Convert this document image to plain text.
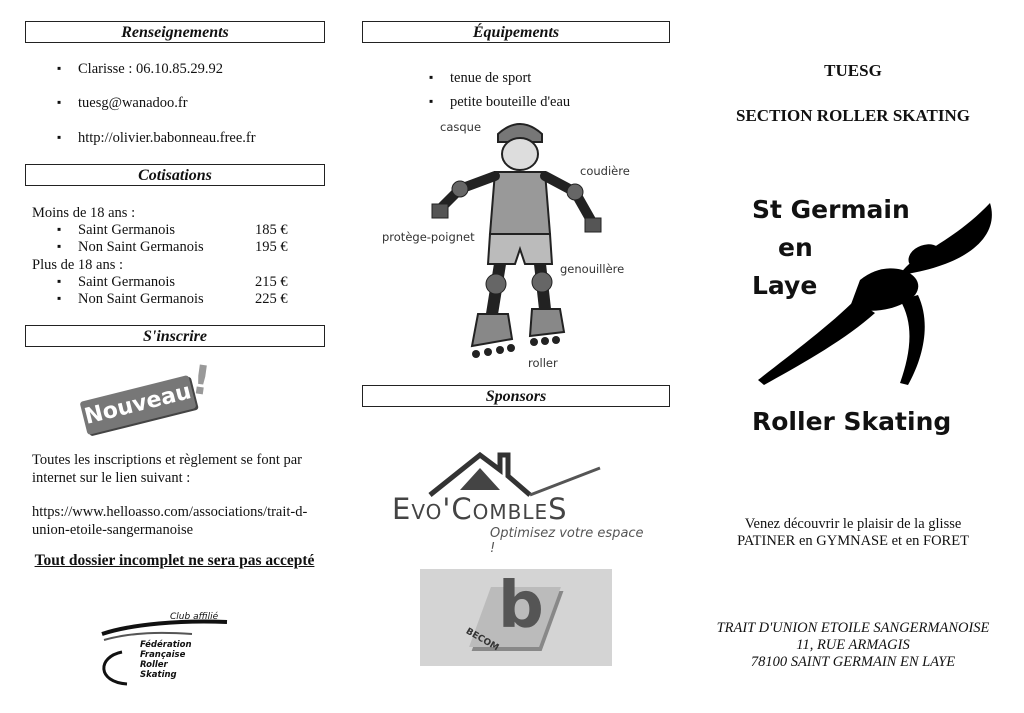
Renseignements
▪ Clarisse : 06.10.85.29.92
▪ tuesg@wanadoo.fr
▪ http://olivier.babonneau.free.fr
Cotisations
Moins de 18 ans :
▪ Saint Germanois	185 €
▪ Non Saint Germanois	195 €
Plus de 18 ans :
▪ Saint Germanois	215 €
▪ Non Saint Germanois	225 €
S'inscrire
Nouveau
!
Toutes les inscriptions et règlement se font par internet sur le lien suivant :
https://www.helloasso.com/associations/trait-d-union-etoile-sangermanoise
Tout dossier incomplet ne sera pas accepté
Club affilié
Fédération
Française
Roller
Skating
Équipements
▪ tenue de sport
▪ petite bouteille d'eau
casque
coudière
protège-poignet
genouillère
roller
Sponsors
Evo'CombleS
Optimisez votre espace !
b
BECOM
TUESG
SECTION ROLLER SKATING
St Germain
en
Laye
Roller Skating
Venez découvrir le plaisir de la glisse
PATINER en GYMNASE et en FORET
TRAIT D'UNION ETOILE SANGERMANOISE
11, RUE ARMAGIS
78100 SAINT GERMAIN EN LAYE
